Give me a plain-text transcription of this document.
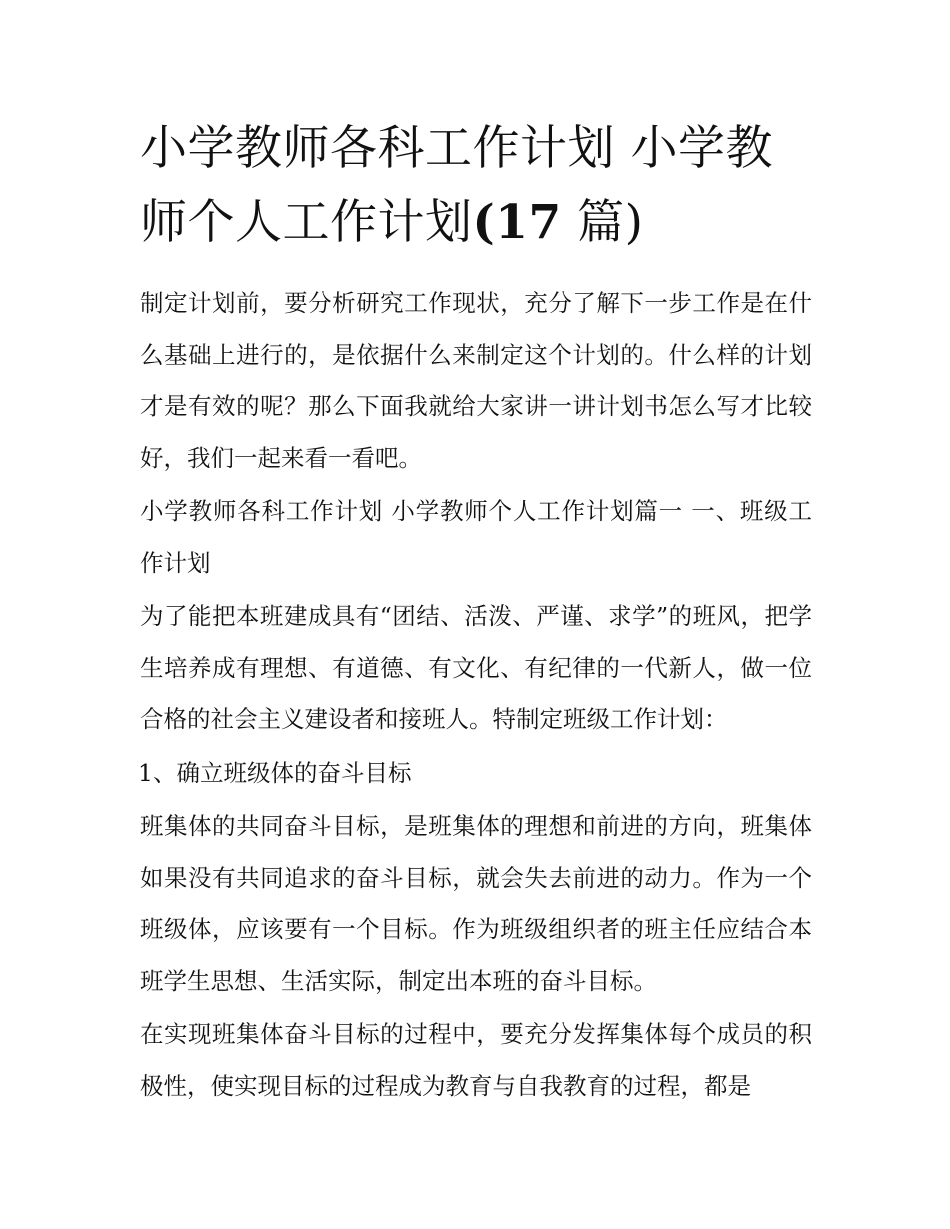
小学教师各科工作计划 小学教师个人工作计划(17 篇)

制定计划前，要分析研究工作现状，充分了解下一步工作是在什么基础上进行的，是依据什么来制定这个计划的。什么样的计划才是有效的呢？那么下面我就给大家讲一讲计划书怎么写才比较好，我们一起来看一看吧。

小学教师各科工作计划 小学教师个人工作计划篇一 一、班级工作计划

为了能把本班建成具有“团结、活泼、严谨、求学”的班风，把学生培养成有理想、有道德、有文化、有纪律的一代新人，做一位合格的社会主义建设者和接班人。特制定班级工作计划：

1、确立班级体的奋斗目标

班集体的共同奋斗目标，是班集体的理想和前进的方向，班集体如果没有共同追求的奋斗目标，就会失去前进的动力。作为一个班级体，应该要有一个目标。作为班级组织者的班主任应结合本班学生思想、生活实际，制定出本班的奋斗目标。

在实现班集体奋斗目标的过程中，要充分发挥集体每个成员的积极性，使实现目标的过程成为教育与自我教育的过程，都是
